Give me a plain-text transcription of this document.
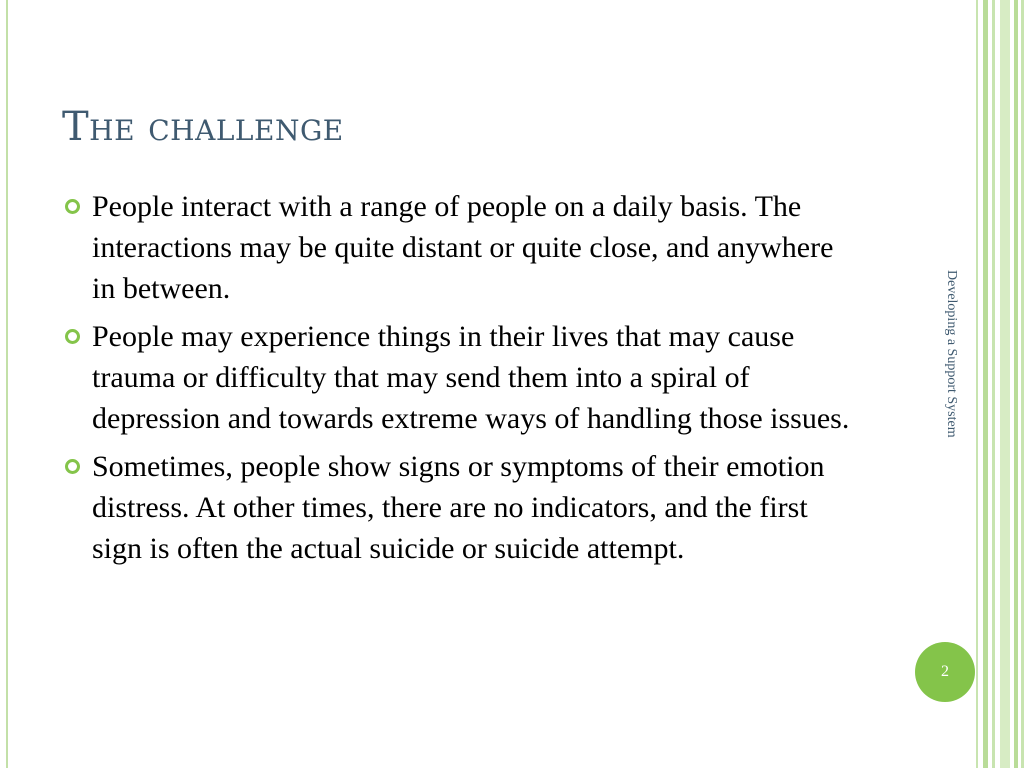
The challenge
People interact with a range of people on a daily basis. The interactions may be quite distant or quite close, and anywhere in between.
People may experience things in their lives that may cause trauma or difficulty that may send them into a spiral of depression and towards extreme ways of handling those issues.
Sometimes, people show signs or symptoms of their emotion distress. At other times, there are no indicators, and the first sign is often the actual suicide or suicide attempt.
Developing a Support System
2
